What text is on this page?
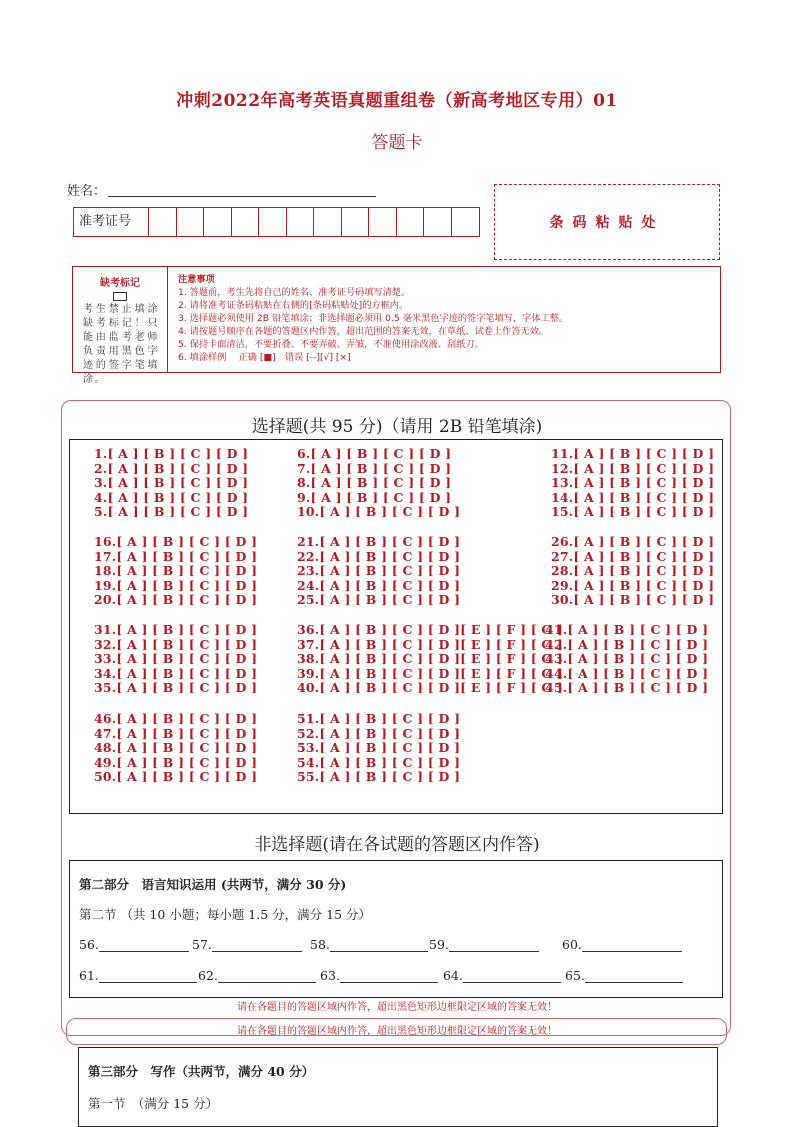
冲刺2022年高考英语真题重组卷（新高考地区专用）01
答题卡
姓名：
准考证号	条码粘贴处
缺考标记
考生禁止填涂缺考标记！只能由监考老师负责用黑色字迹的签字笔填涂。
注意事项
1. 答题前，考生先将自己的姓名、准考证号码填写清楚。
2. 请将准考证条码粘贴在右侧的[条码粘贴处]的方框内。
3. 选择题必须使用 2B 铅笔填涂；非选择题必须用 0.5 毫米黑色字迹的签字笔填写，字体工整。
4. 请按题号顺序在各题的答题区内作答，超出范围的答案无效，在草纸、试卷上作答无效。
5. 保持卡面清洁，不要折叠、不要弄破、弄皱，不准使用涂改液、刮纸刀。
6. 填涂样例　 正确 [■]　错误 [--][√] [×]
选择题(共 95 分)（请用 2B 铅笔填涂)
1.[ A ] [ B ] [ C ] [ D ]
2.[ A ] [ B ] [ C ] [ D ]
3.[ A ] [ B ] [ C ] [ D ]
4.[ A ] [ B ] [ C ] [ D ]
5.[ A ] [ B ] [ C ] [ D ]
6.[ A ] [ B ] [ C ] [ D ]
7.[ A ] [ B ] [ C ] [ D ]
8.[ A ] [ B ] [ C ] [ D ]
9.[ A ] [ B ] [ C ] [ D ]
10.[ A ] [ B ] [ C ] [ D ]
11.[ A ] [ B ] [ C ] [ D ]
12.[ A ] [ B ] [ C ] [ D ]
13.[ A ] [ B ] [ C ] [ D ]
14.[ A ] [ B ] [ C ] [ D ]
15.[ A ] [ B ] [ C ] [ D ]
16.[ A ] [ B ] [ C ] [ D ]
17.[ A ] [ B ] [ C ] [ D ]
18.[ A ] [ B ] [ C ] [ D ]
19.[ A ] [ B ] [ C ] [ D ]
20.[ A ] [ B ] [ C ] [ D ]
21.[ A ] [ B ] [ C ] [ D ]
22.[ A ] [ B ] [ C ] [ D ]
23.[ A ] [ B ] [ C ] [ D ]
24.[ A ] [ B ] [ C ] [ D ]
25.[ A ] [ B ] [ C ] [ D ]
26.[ A ] [ B ] [ C ] [ D ]
27.[ A ] [ B ] [ C ] [ D ]
28.[ A ] [ B ] [ C ] [ D ]
29.[ A ] [ B ] [ C ] [ D ]
30.[ A ] [ B ] [ C ] [ D ]
31.[ A ] [ B ] [ C ] [ D ]
32.[ A ] [ B ] [ C ] [ D ]
33.[ A ] [ B ] [ C ] [ D ]
34.[ A ] [ B ] [ C ] [ D ]
35.[ A ] [ B ] [ C ] [ D ]
36.[ A ] [ B ] [ C ] [ D ][ E ] [ F ] [ G ]
37.[ A ] [ B ] [ C ] [ D ][ E ] [ F ] [ G ]
38.[ A ] [ B ] [ C ] [ D ][ E ] [ F ] [ G ]
39.[ A ] [ B ] [ C ] [ D ][ E ] [ F ] [ G ]
40.[ A ] [ B ] [ C ] [ D ][ E ] [ F ] [ G ]
41.[ A ] [ B ] [ C ] [ D ]
42.[ A ] [ B ] [ C ] [ D ]
43.[ A ] [ B ] [ C ] [ D ]
44.[ A ] [ B ] [ C ] [ D ]
45.[ A ] [ B ] [ C ] [ D ]
46.[ A ] [ B ] [ C ] [ D ]
47.[ A ] [ B ] [ C ] [ D ]
48.[ A ] [ B ] [ C ] [ D ]
49.[ A ] [ B ] [ C ] [ D ]
50.[ A ] [ B ] [ C ] [ D ]
51.[ A ] [ B ] [ C ] [ D ]
52.[ A ] [ B ] [ C ] [ D ]
53.[ A ] [ B ] [ C ] [ D ]
54.[ A ] [ B ] [ C ] [ D ]
55.[ A ] [ B ] [ C ] [ D ]
非选择题(请在各试题的答题区内作答)
第二部分　语言知识运用 (共两节，满分 30 分)
第二节 （共 10 小题；每小题 1.5 分，满分 15 分）
56.	57.	58.	59.	60.
61.	62.	63.	64.	65.
请在各题目的答题区域内作答，超出黑色矩形边框限定区域的答案无效！
请在各题目的答题区域内作答，超出黑色矩形边框限定区域的答案无效！
第三部分　写作（共两节，满分 40 分）
第一节　（满分 15 分）
